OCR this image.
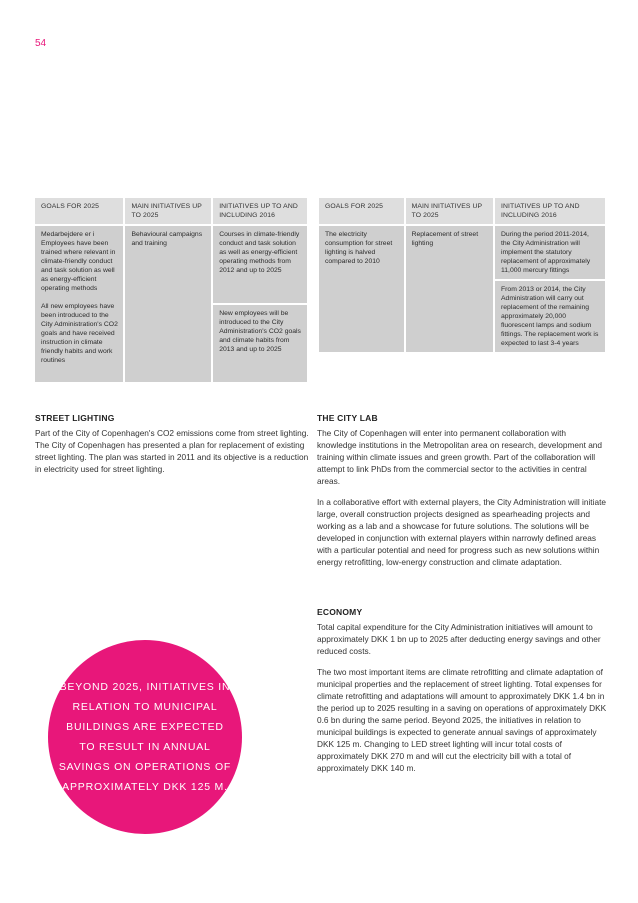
54
GOALS FOR 2025	MAIN INITIATIVES UP TO 2025	INITIATIVES UP TO AND INCLUDING 2016

Medarbejdere er i Employees have been trained where relevant in climate-friendly conduct and task solution as well as energy-efficient operating methods

All new employees have been introduced to the City Administration's CO2 goals and have received instruction in climate friendly habits and work routines	Behavioural campaigns and training	Courses in climate-friendly conduct and task solution as well as energy-efficient operating methods from 2012 and up to 2025
		New employees will be introduced to the City Administration's CO2 goals and climate habits from 2013 and up to 2025
GOALS FOR 2025	MAIN INITIATIVES UP TO 2025	INITIATIVES UP TO AND INCLUDING 2016
The electricity consumption for street lighting is halved compared to 2010	Replacement of street lighting	During the period 2011-2014, the City Administration will implement the statutory replacement of approximately 11,000 mercury fittings
		From 2013 or 2014, the City Administration will carry out replacement of the remaining approximately 20,000 fluorescent lamps and sodium fittings. The replacement work is expected to last 3-4 years
STREET LIGHTING

Part of the City of Copenhagen's CO2 emissions come from street lighting. The City of Copenhagen has presented a plan for replacement of existing street lighting. The plan was started in 2011 and its objective is a reduction in electricity used for street lighting.

THE CITY LAB

The City of Copenhagen will enter into permanent collaboration with knowledge institutions in the Metropolitan area on research, development and training within climate issues and green growth. Part of the collaboration will attempt to link PhDs from the commercial sector to the activities in central areas.

In a collaborative effort with external players, the City Administration will initiate large, overall construction projects designed as spearheading projects and working as a lab and a showcase for future solutions. The solutions will be developed in conjunction with external players within narrowly defined areas with a particular potential and need for progress such as new solutions within energy retrofitting, low-energy construction and climate adaptation.

ECONOMY

Total capital expenditure for the City Administration initiatives will amount to approximately DKK 1 bn up to 2025 after deducting energy savings and other reduced costs.

The two most important items are climate retrofitting and climate adaptation of municipal properties and the replacement of street lighting. Total expenses for climate retrofitting and adaptations will amount to approximately DKK 1.4 bn in the period up to 2025 resulting in a saving on operations of approximately DKK 0.6 bn during the same period. Beyond 2025, the initiatives in relation to municipal buildings is expected to generate annual savings of approximately DKK 125 m. Changing to LED street lighting will incur total costs of approximately DKK 270 m and will cut the electricity bill with a total of approximately DKK 140 m.

BEYOND 2025, INITIATIVES IN RELATION TO MUNICIPAL BUILDINGS ARE EXPECTED TO RESULT IN ANNUAL SAVINGS ON OPERATIONS OF APPROXIMATELY DKK 125 M.
